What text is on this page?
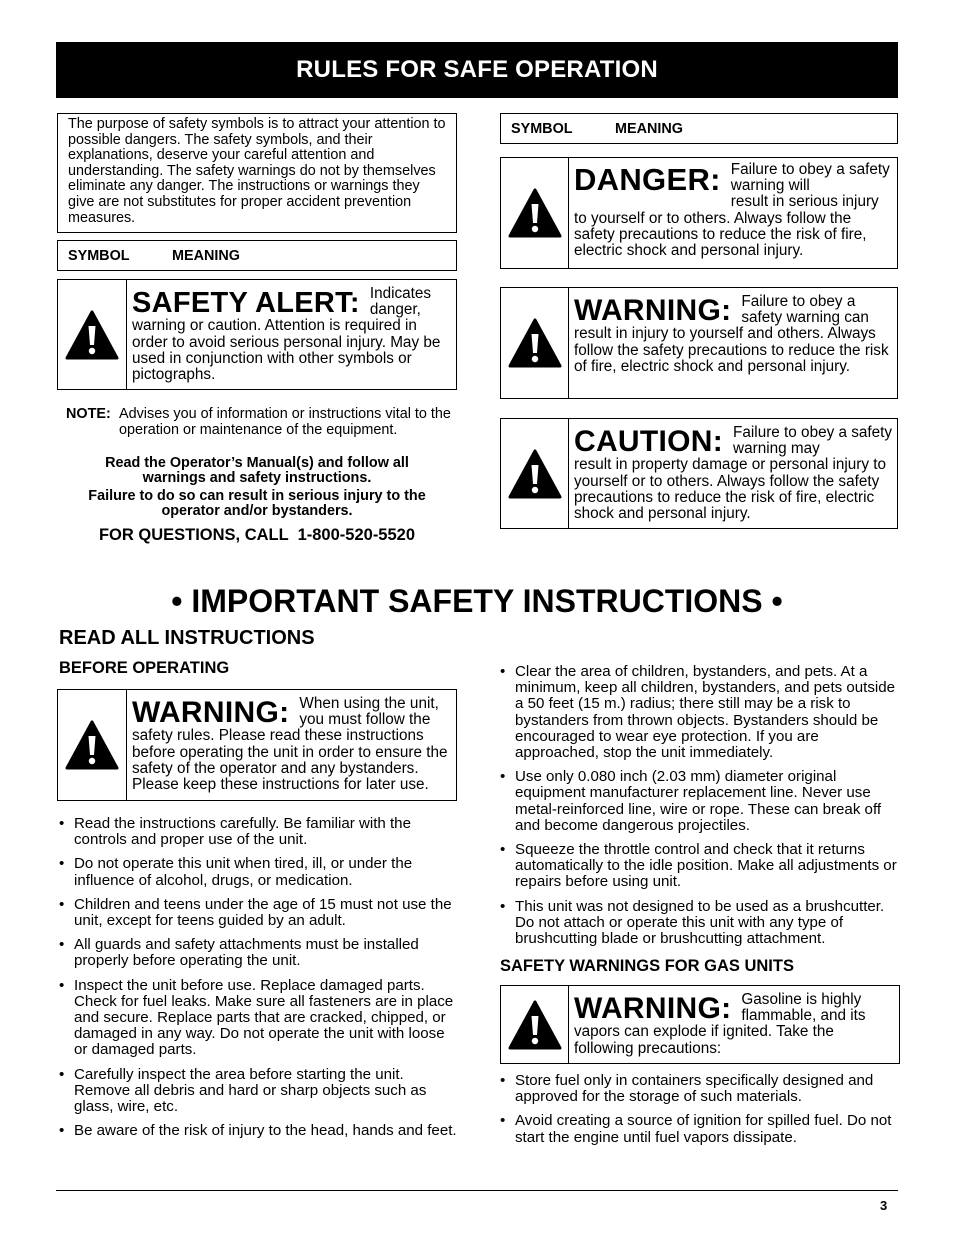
RULES FOR SAFE OPERATION
The purpose of safety symbols is to attract your attention to possible dangers. The safety symbols, and their explanations, deserve your careful attention and understanding. The safety warnings do not by themselves eliminate any danger. The instructions or warnings they give are not substitutes for proper accident prevention measures.
SYMBOL	MEANING
SAFETY ALERT: Indicates danger,
warning or caution. Attention is required in order to avoid serious personal injury. May be used in conjunction with other symbols or pictographs.
NOTE: Advises you of information or instructions vital to the operation or maintenance of the equipment.
Read the Operator’s Manual(s) and follow all warnings and safety instructions.
Failure to do so can result in serious injury to the operator and/or bystanders.
FOR QUESTIONS, CALL  1-800-520-5520
SYMBOL	MEANING
DANGER: Failure to obey a safety warning will
result in serious injury to yourself or to others. Always follow the safety precautions to reduce the risk of fire, electric shock and personal injury.
WARNING: Failure to obey a safety warning can
result in injury to yourself and others. Always follow the safety precautions to reduce the risk of fire, electric shock and personal injury.
CAUTION: Failure to obey a safety warning may
result in property damage or personal injury to yourself or to others. Always follow the safety precautions to reduce the risk of fire, electric shock and personal injury.
• IMPORTANT SAFETY INSTRUCTIONS •
READ ALL INSTRUCTIONS
BEFORE OPERATING
WARNING: When using the unit, you must follow the
safety rules. Please read these instructions before operating the unit in order to ensure the safety of the operator and any bystanders. Please keep these instructions for later use.
• Read the instructions carefully. Be familiar with the controls and proper use of the unit.
• Do not operate this unit when tired, ill, or under the influence of alcohol, drugs, or medication.
• Children and teens under the age of 15 must not use the unit, except for teens guided by an adult.
• All guards and safety attachments must be installed properly before operating the unit.
• Inspect the unit before use. Replace damaged parts. Check for fuel leaks. Make sure all fasteners are in place and secure. Replace parts that are cracked, chipped, or damaged in any way. Do not operate the unit with loose or damaged parts.
• Carefully inspect the area before starting the unit. Remove all debris and hard or sharp objects such as glass, wire, etc.
• Be aware of the risk of injury to the head, hands and feet.
• Clear the area of children, bystanders, and pets. At a minimum, keep all children, bystanders, and pets outside a 50 feet (15 m.) radius; there still may be a risk to bystanders from thrown objects. Bystanders should be encouraged to wear eye protection. If you are approached, stop the unit immediately.
• Use only 0.080 inch (2.03 mm) diameter original equipment manufacturer replacement line. Never use metal-reinforced line, wire or rope. These can break off and become dangerous projectiles.
• Squeeze the throttle control and check that it returns automatically to the idle position. Make all adjustments or repairs before using unit.
• This unit was not designed to be used as a brushcutter. Do not attach or operate this unit with any type of brushcutting blade or brushcutting attachment.
SAFETY WARNINGS FOR GAS UNITS
WARNING: Gasoline is highly flammable, and its
vapors can explode if ignited. Take the following precautions:
• Store fuel only in containers specifically designed and approved for the storage of such materials.
• Avoid creating a source of ignition for spilled fuel. Do not start the engine until fuel vapors dissipate.
3
